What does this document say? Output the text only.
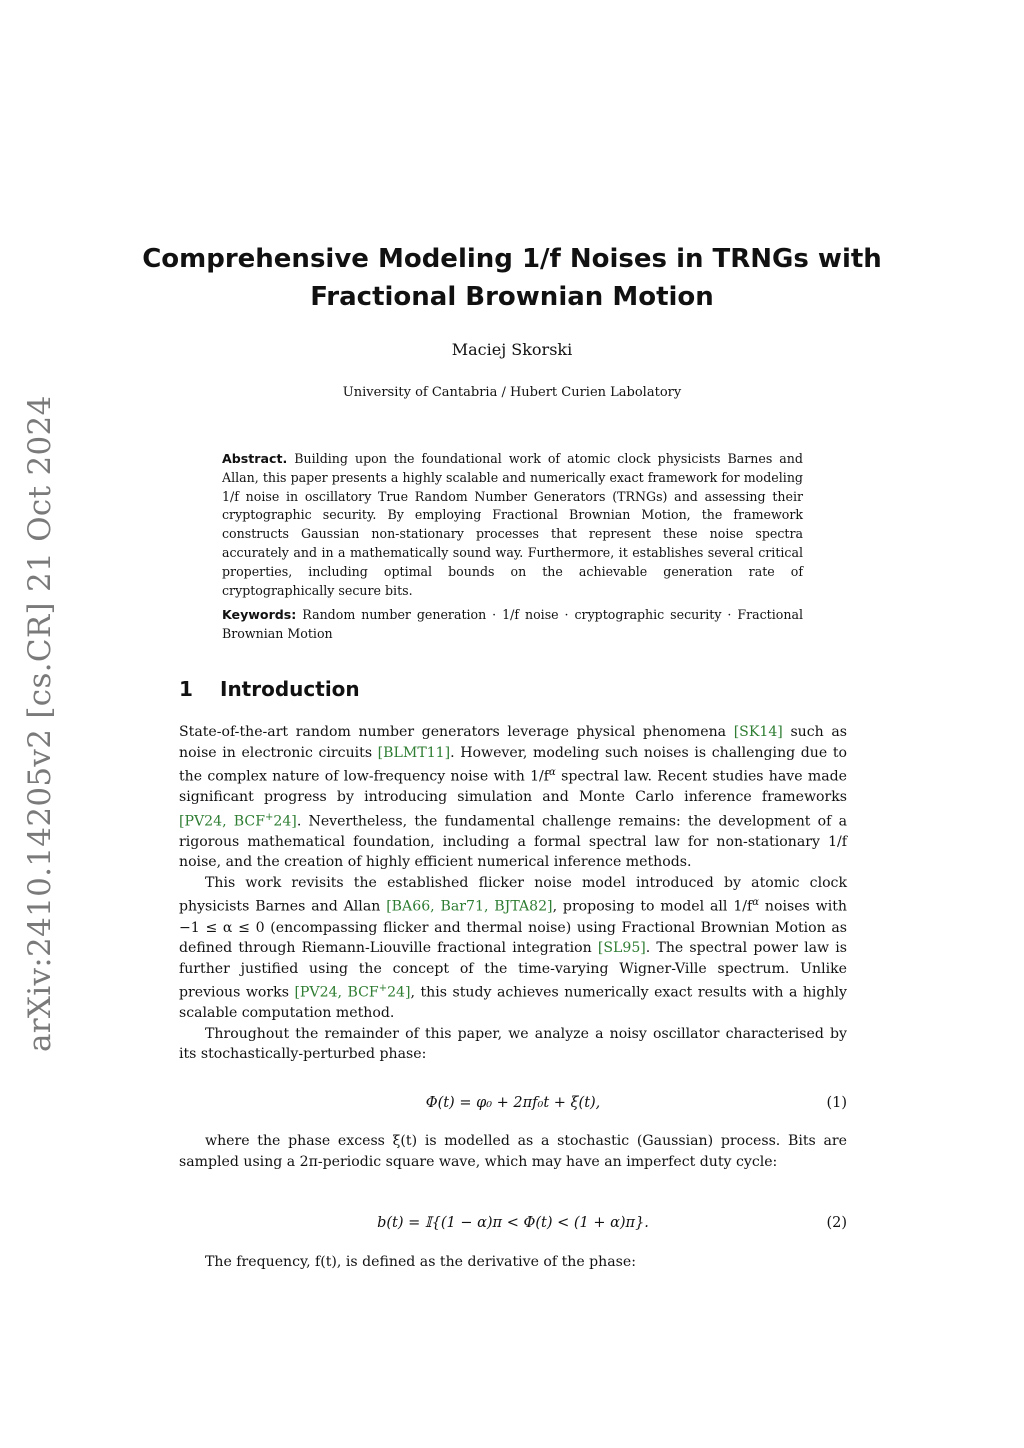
arXiv:2410.14205v2 [cs.CR] 21 Oct 2024
Comprehensive Modeling 1/f Noises in TRNGs with Fractional Brownian Motion
Maciej Skorski
University of Cantabria / Hubert Curien Labolatory
Abstract. Building upon the foundational work of atomic clock physicists Barnes and Allan, this paper presents a highly scalable and numerically exact framework for modeling 1/f noise in oscillatory True Random Number Generators (TRNGs) and assessing their cryptographic security. By employing Fractional Brownian Motion, the framework constructs Gaussian non-stationary processes that represent these noise spectra accurately and in a mathematically sound way. Furthermore, it establishes several critical properties, including optimal bounds on the achievable generation rate of cryptographically secure bits.
Keywords: Random number generation · 1/f noise · cryptographic security · Fractional Brownian Motion
1 Introduction

State-of-the-art random number generators leverage physical phenomena [SK14] such as noise in electronic circuits [BLMT11]. However, modeling such noises is challenging due to the complex nature of low-frequency noise with $1/f^\alpha$ spectral law. Recent studies have made significant progress by introducing simulation and Monte Carlo inference frameworks [PV24, BCF+24]. Nevertheless, the fundamental challenge remains: the development of a rigorous mathematical foundation, including a formal spectral law for non-stationary 1/f noise, and the creation of highly efficient numerical inference methods.

This work revisits the established flicker noise model introduced by atomic clock physicists Barnes and Allan [BA66, Bar71, BJTA82], proposing to model all $1/f^\alpha$ noises with −1 ≤ α ≤ 0 (encompassing flicker and thermal noise) using Fractional Brownian Motion as defined through Riemann-Liouville fractional integration [SL95]. The spectral power law is further justified using the concept of the time-varying Wigner-Ville spectrum. Unlike previous works [PV24, BCF+24], this study achieves numerically exact results with a highly scalable computation method.

Throughout the remainder of this paper, we analyze a noisy oscillator characterised by its stochastically-perturbed phase:

Φ(t) = φ₀ + 2πf₀t + ξ(t),	(1)

where the phase excess ξ(t) is modelled as a stochastic (Gaussian) process. Bits are sampled using a 2π-periodic square wave, which may have an imperfect duty cycle:

b(t) = 𝕀{(1 − α)π < Φ(t) < (1 + α)π}.	(2)

The frequency, f(t), is defined as the derivative of the phase:
